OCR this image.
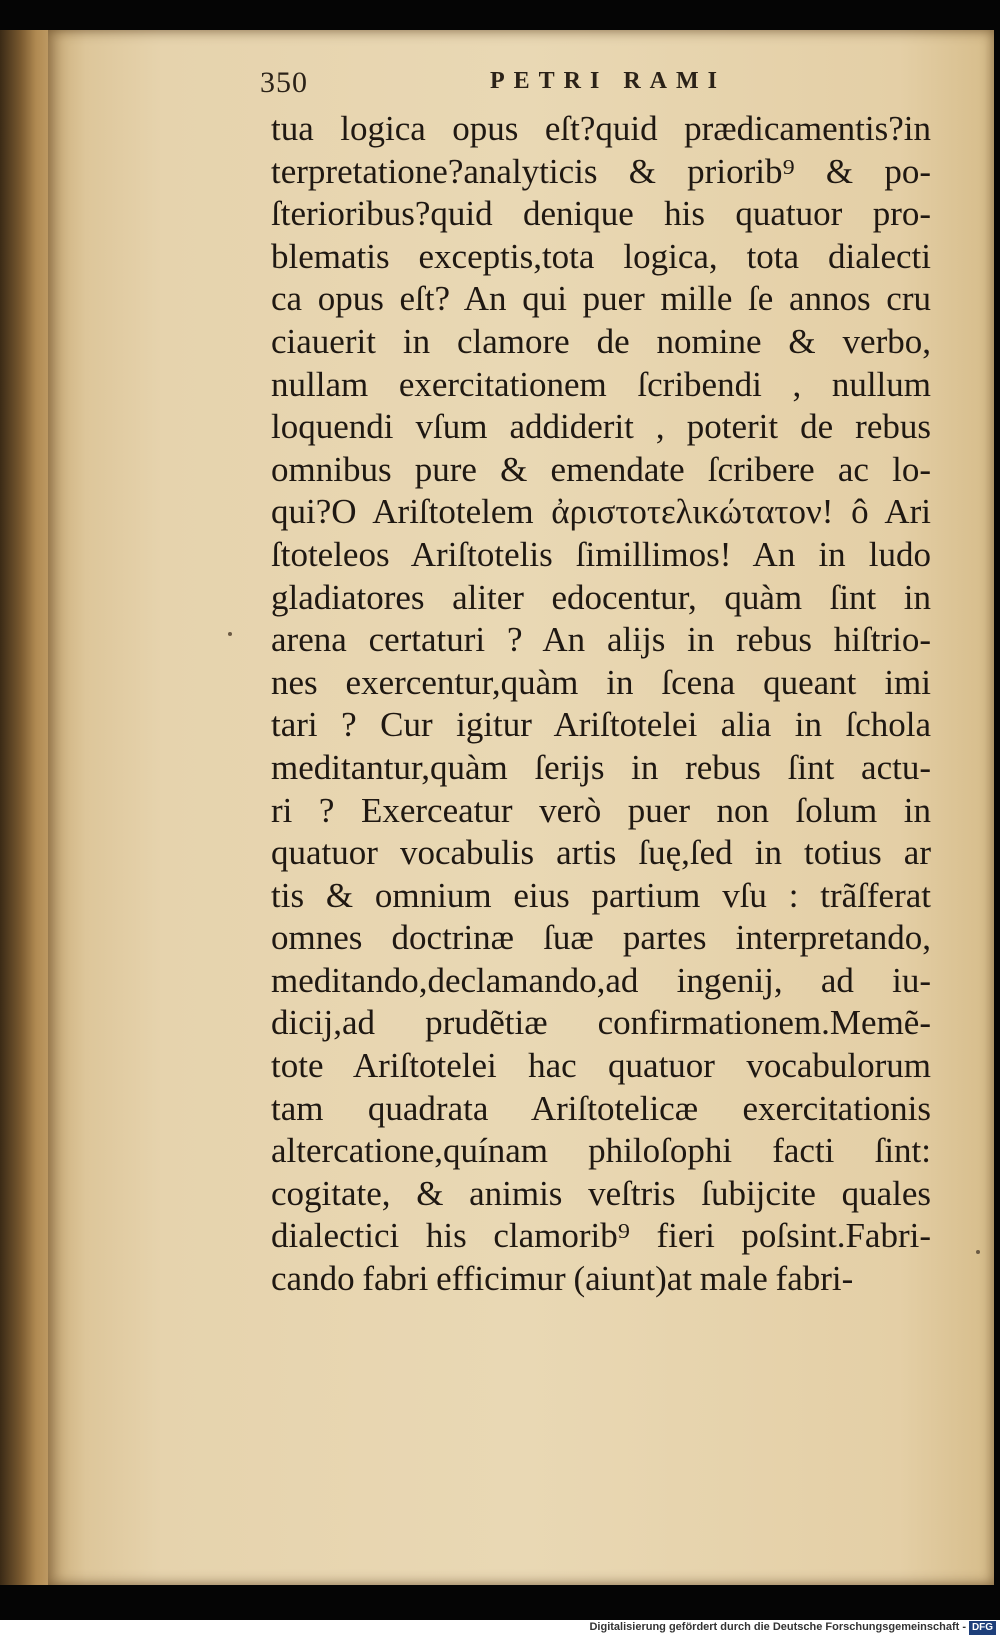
350	PETRI RAMI
tua logica opus eſt?quid prædicamentis?in
terpretatione?analyticis & priorib⁹ & po-
ſterioribus?quid denique his quatuor pro-
blematis exceptis,tota logica, tota dialecti
ca opus eſt? An qui puer mille ſe annos cru
ciauerit in clamore de nomine & verbo,
nullam exercitationem ſcribendi , nullum
loquendi vſum addiderit , poterit de rebus
omnibus pure & emendate ſcribere ac lo-
qui?O Ariſtotelem ἀριστοτελικώτατον! ô Ari
ſtoteleos Ariſtotelis ſimillimos! An in ludo
gladiatores aliter edocentur, quàm ſint in
arena certaturi ? An alijs in rebus hiſtrio-
nes exercentur,quàm in ſcena queant imi
tari ? Cur igitur Ariſtotelei alia in ſchola
meditantur,quàm ſerijs in rebus ſint actu-
ri ? Exerceatur verò puer non ſolum in
quatuor vocabulis artis ſuę,ſed in totius ar
tis & omnium eius partium vſu : trãſferat
omnes doctrinæ ſuæ partes interpretando,
meditando,declamando,ad ingenij, ad iu-
dicij,ad prudẽtiæ confirmationem.Memẽ-
tote Ariſtotelei hac quatuor vocabulorum
tam quadrata Ariſtotelicæ exercitationis
altercatione,quínam philoſophi facti ſint:
cogitate, & animis veſtris ſubijcite quales
dialectici his clamorib⁹ fieri poſsint.Fabri-
cando fabri efficimur (aiunt)at male fabri-
Digitalisierung gefördert durch die Deutsche Forschungsgemeinschaft - DFG
